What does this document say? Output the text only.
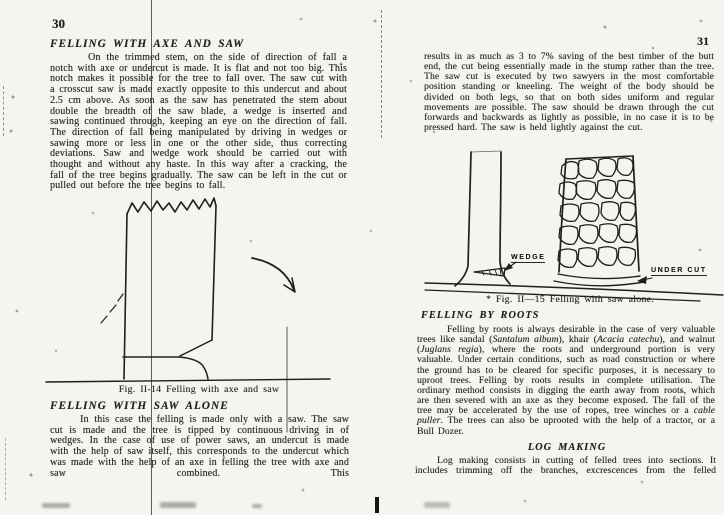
30
FELLING WITH AXE AND SAW
On the trimmed stem, on the side of direction of fall a notch with axe or undercut is made. It is flat and not too big. This notch makes it possible for the tree to fall over. The saw cut with a crosscut saw is made exactly opposite to this undercut and about 2.5 cm above. As soon as the saw has penetrated the stem about double the breadth of the saw blade, a wedge is inserted and sawing continued through, keeping an eye on the direction of fall. The direction of fall being manipulated by driving in wedges or sawing more or less in one or the other side, thus correcting deviations. Saw and wedge work should be carried out with thought and without any haste. In this way after a cracking, the fall of the tree begins gradually. The saw can be left in the cut or pulled out before the tree begins to fall.
Fig. II-14 Felling with axe and saw
FELLING WITH SAW ALONE
In this case the felling is made only with a saw. The saw cut is made and the tree is tipped by continuous driving in of wedges. In the case of use of power saws, an undercut is made with the help of saw itself, this corresponds to the undercut which was made with the help of an axe in felling the tree with axe and saw combined. This
31
results in as much as 3 to 7% saving of the best timber of the butt end, the cut being essentially made in the stump rather than the tree. The saw cut is executed by two sawyers in the most comfortable position standing or kneeling. The weight of the body should be divided on both legs, so that on both sides uniform and regular movements are possible. The saw should be drawn through the cut forwards and backwards as lightly as possible, in no case it is to be pressed hard. The saw is held lightly against the cut.
WEDGE
UNDER CUT
* Fig. II—15 Felling with saw alone.
FELLING BY ROOTS
Felling by roots is always desirable in the case of very valuable trees like sandal (Santalum album), khair (Acacia catechu), and walnut (Juglans regia), where the roots and underground portion is very valuable. Under certain conditions, such as road construction or where the ground has to be cleared for specific purposes, it is necessary to uproot trees. Felling by roots results in complete utilisation. The ordinary method consists in digging the earth away from roots, which are then severed with an axe as they become exposed. The fall of the tree may be accelerated by the use of ropes, tree winches or a cable puller. The trees can also be uprooted with the help of a tractor, or a Bull Dozer.
LOG MAKING
Log making consists in cutting of felled trees into sections. It includes trimming off the branches, excrescences from the felled
